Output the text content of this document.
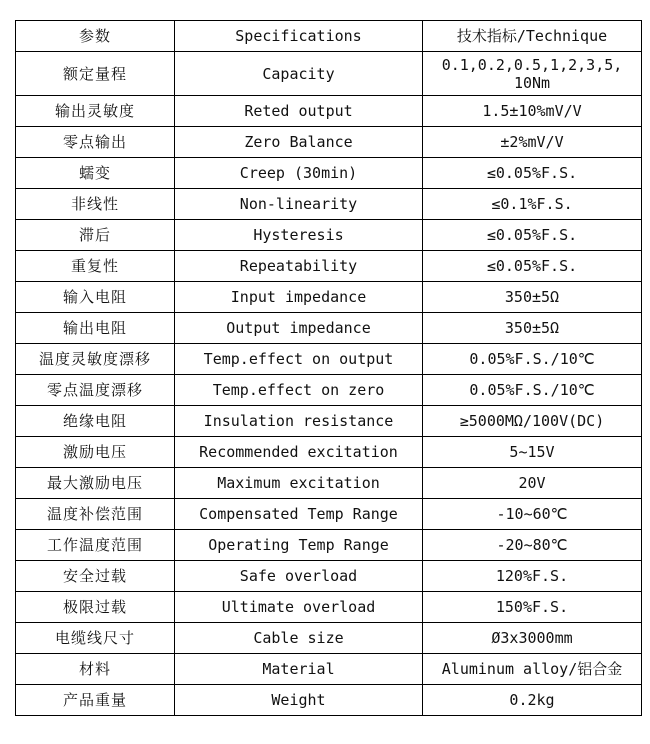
参数	Specifications	技术指标/Technique
额定量程	Capacity	0.1,0.2,0.5,1,2,3,5,
10Nm
输出灵敏度	Reted output	1.5±10%mV/V
零点输出	Zero Balance	±2%mV/V
蠕变	Creep (30min)	≤0.05%F.S.
非线性	Non-linearity	≤0.1%F.S.
滞后	Hysteresis	≤0.05%F.S.
重复性	Repeatability	≤0.05%F.S.
输入电阻	Input impedance	350±5Ω
输出电阻	Output impedance	350±5Ω
温度灵敏度漂移	Temp.effect on output	0.05%F.S./10℃
零点温度漂移	Temp.effect on zero	0.05%F.S./10℃
绝缘电阻	Insulation resistance	≥5000MΩ/100V(DC)
激励电压	Recommended excitation	5~15V
最大激励电压	Maximum excitation	20V
温度补偿范围	Compensated Temp Range	-10~60℃
工作温度范围	Operating Temp Range	-20~80℃
安全过载	Safe overload	120%F.S.
极限过载	Ultimate overload	150%F.S.
电缆线尺寸	Cable size	Ø3x3000mm
材料	Material	Aluminum alloy/铝合金
产品重量	Weight	0.2kg
